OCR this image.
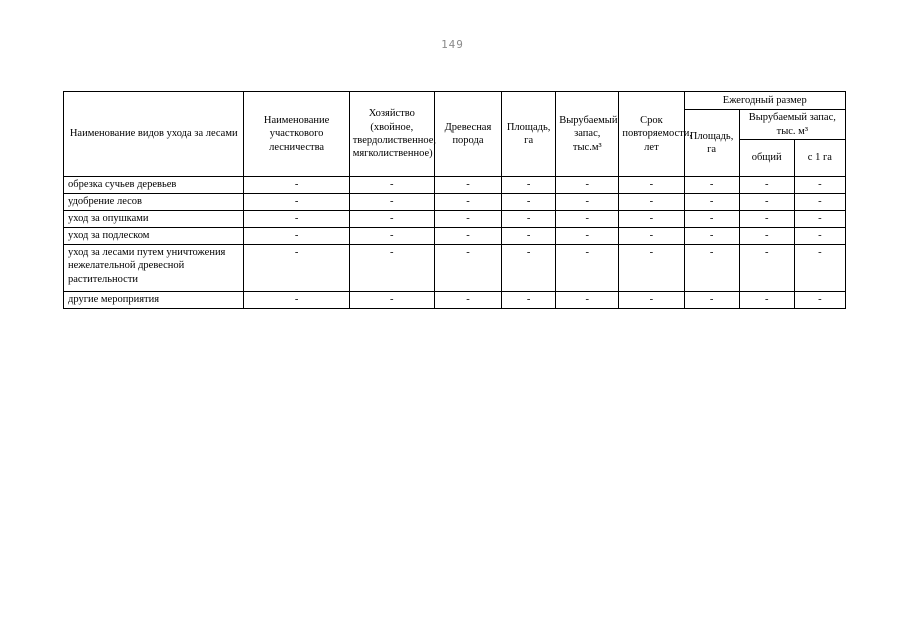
149
Наименование видов ухода за лесами	Наименование участкового лесничества	Хозяйство (хвойное, твердолиственное, мягколиственное)	Древесная порода	Площадь, га	Вырубаемый запас, тыс.м³	Срок повторяемости, лет	Ежегодный размер		
							Площадь, га	Вырубаемый запас, тыс. м³	
								общий	с 1 га
обрезка сучьев деревьев	-	-	-	-	-	-	-	-	-
удобрение лесов	-	-	-	-	-	-	-	-	-
уход за опушками	-	-	-	-	-	-	-	-	-
уход за подлеском	-	-	-	-	-	-	-	-	-
уход за лесами путем уничтожения нежелательной древесной растительности	-	-	-	-	-	-	-	-	-
другие мероприятия	-	-	-	-	-	-	-	-	-
